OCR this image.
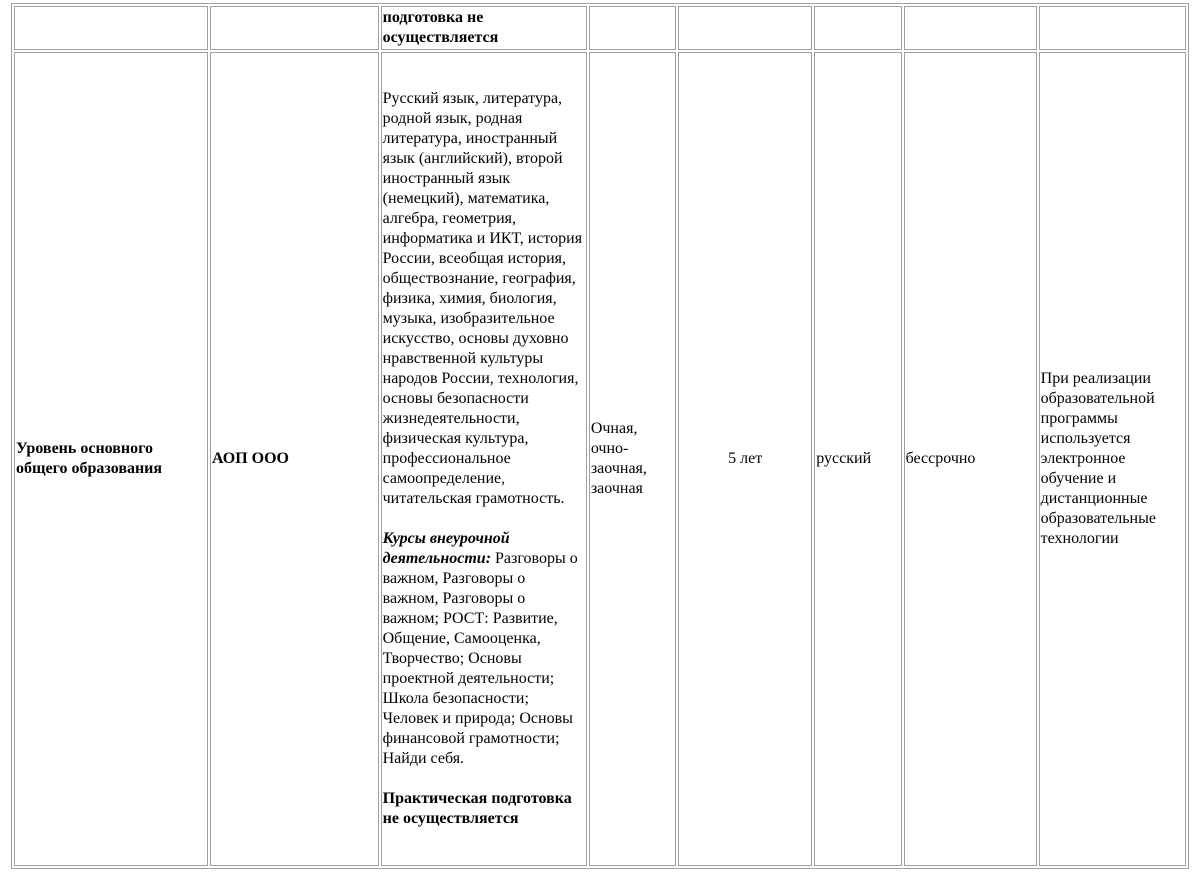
		подготовка не осуществляется					
Уровень основного общего образования	АОП ООО	Русский язык, литература, родной язык, родная литература, иностранный язык (английский), второй иностранный язык (немецкий), математика, алгебра, геометрия, информатика и ИКТ, история России, всеобщая история, обществознание, география, физика, химия, биология,
музыка, изобразительное искусство, основы духовно нравственной культуры народов России, технология, основы безопасности жизнедеятельности, физическая культура, профессиональное самоопределение, читательская грамотность.
Курсы внеурочной деятельности: Разговоры о важном, Разговоры о важном, Разговоры о важном; РОСТ: Развитие, Общение, Самооценка, Творчество; Основы проектной деятельности; Школа безопасности; Человек и природа; Основы финансовой грамотности; Найди себя.
Практическая подготовка не осуществляется	Очная, очно-заочная, заочная	5 лет	русский	бессрочно	При реализации образовательной программы используется электронное обучение и дистанционные образовательные технологии
